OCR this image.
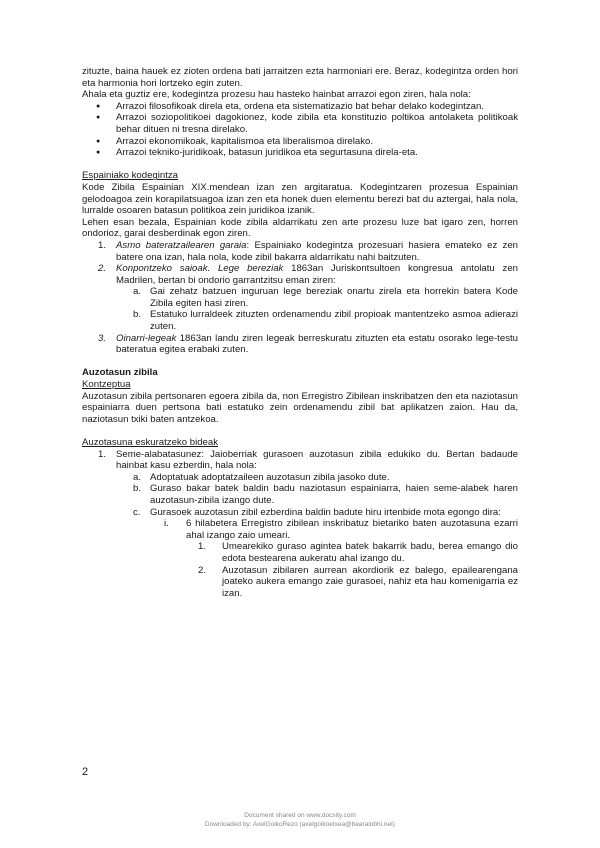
zituzte, baina hauek ez zioten ordena bati jarraitzen ezta harmoniari ere. Beraz, kodegintza orden hori eta harmonia hori lortzeko egin zuten.

Ahala eta guztiz ere, kodegintza prozesu hau hasteko hainbat arrazoi egon ziren, hala nola:

● Arrazoi filosofikoak direla eta, ordena eta sistematizazio bat behar delako kodegintzan.
● Arrazoi soziopolitikoei dagokionez, kode zibila eta konstituzio poltikoa antolaketa politikoak behar dituen ni tresna direlako.
● Arrazoi ekonomikoak, kapitalismoa eta liberalismoa direlako.
● Arrazoi tekniko-juridikoak, batasun juridikoa eta segurtasuna direla-eta.

Espainiako kodegintza

Kode Zibila Espainian XIX.mendean izan zen argitaratua. Kodegintzaren prozesua Espainian gelodoagoa zein korapilatsuagoa izan zen eta honek duen elementu berezi bat du aztergai, hala nola, lurralde osoaren batasun politikoa zein juridikoa izanik.

Lehen esan bezala, Espainian kode zibila aldarrikatu zen arte prozesu luze bat igaro zen, horren ondorioz, garai desberdinak egon ziren.

1. Asmo bateratzailearen garaia: Espainiako kodegintza prozesuari hasiera emateko ez zen batere ona izan, hala nola, kode zibil bakarra aldarrikatu nahi baitzuten.
2. Konpontzeko saioak. Lege bereziak 1863an Juriskontsultoen kongresua antolatu zen Madrilen, bertan bi ondorio garrantzitsu eman ziren:
a. Gai zehatz batzuen inguruan lege bereziak onartu zirela eta horrekin batera Kode Zibila egiten hasi ziren.
b. Estatuko lurraldeek zituzten ordenamendu zibil propioak mantentzeko asmoa adierazi zuten.
3. Oinarri-legeak 1863an landu ziren legeak berreskuratu zituzten eta estatu osorako lege-testu bateratua egitea erabaki zuten.

Auzotasun zibila

Kontzeptua

Auzotasun zibila pertsonaren egoera zibila da, non Erregistro Zibilean inskribatzen den eta naziotasun espainiarra duen pertsona bati estatuko zein ordenamendu zibil bat aplikatzen zaion. Hau da, naziotasun txiki baten antzekoa.

Auzotasuna eskuratzeko bideak

1. Seme-alabatasunez: Jaioberriak gurasoen auzotasun zibila edukiko du. Bertan badaude hainbat kasu ezberdin, hala nola:
a. Adoptatuak adoptatzaileen auzotasun zibila jasoko dute.
b. Guraso bakar batek baldin badu naziotasun espainiarra, haien seme-alabek haren auzotasun-zibila izango dute.
c. Gurasoek auzotasun zibil ezberdina baldin badute hiru irtenbide mota egongo dira:
i. 6 hilabetera Erregistro zibilean inskribatuz bietariko baten auzotasuna ezarri ahal izango zaio umeari.
1. Umearekiko guraso agintea batek bakarrik badu, berea emango dio edota bestearena aukeratu ahal izango du.
2. Auzotasun zibilaren aurrean akordiorik ez balego, epailearengana joateko aukera emango zaie gurasoei, nahiz eta hau komenigarria ez izan.
2
Document shared on www.docsity.com
Downloaded by: AxelGoikoRezo (axelgoikoetxea@bearainbhi.net)
